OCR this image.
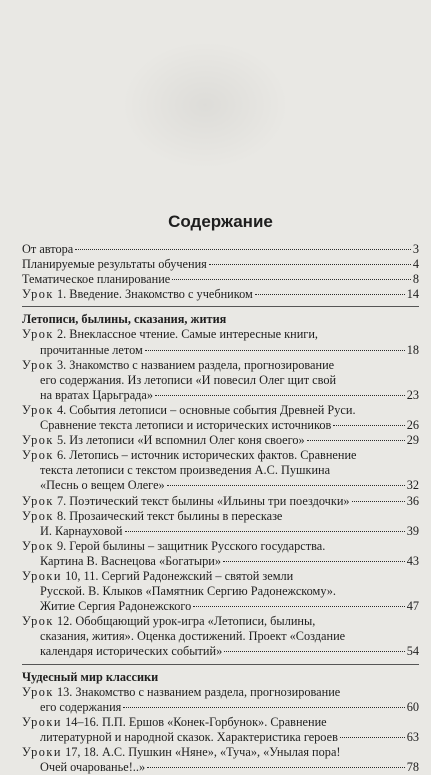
Содержание
От автора	3
Планируемые результаты обучения	4
Тематическое планирование	8
Урок 1. Введение. Знакомство с учебником	14
Летописи, былины, сказания, жития
Урок 2. Внеклассное чтение. Самые интересные книги,
прочитанные летом	18
Урок 3. Знакомство с названием раздела, прогнозирование
его содержания. Из летописи «И повесил Олег щит свой
на вратах Царьграда»	23
Урок 4. События летописи – основные события Древней Руси.
Сравнение текста летописи и исторических источников	26
Урок 5. Из летописи «И вспомнил Олег коня своего»	29
Урок 6. Летопись – источник исторических фактов. Сравнение
текста летописи с текстом произведения А.С. Пушкина
«Песнь о вещем Олеге»	32
Урок 7. Поэтический текст былины «Ильины три поездочки»	36
Урок 8. Прозаический текст былины в пересказе
И. Карнауховой	39
Урок 9. Герой былины – защитник Русского государства.
Картина В. Васнецова «Богатыри»	43
Уроки 10, 11. Сергий Радонежский – святой земли
Русской. В. Клыков «Памятник Сергию Радонежскому».
Житие Сергия Радонежского	47
Урок 12. Обобщающий урок-игра «Летописи, былины,
сказания, жития». Оценка достижений. Проект «Создание
календаря исторических событий»	54
Чудесный мир классики
Урок 13. Знакомство с названием раздела, прогнозирование
его содержания	60
Уроки 14–16. П.П. Ершов «Конек-Горбунок». Сравнение
литературной и народной сказок. Характеристика героев	63
Уроки 17, 18. А.С. Пушкин «Няне», «Туча», «Унылая пора!
Очей очарованье!..»	78
